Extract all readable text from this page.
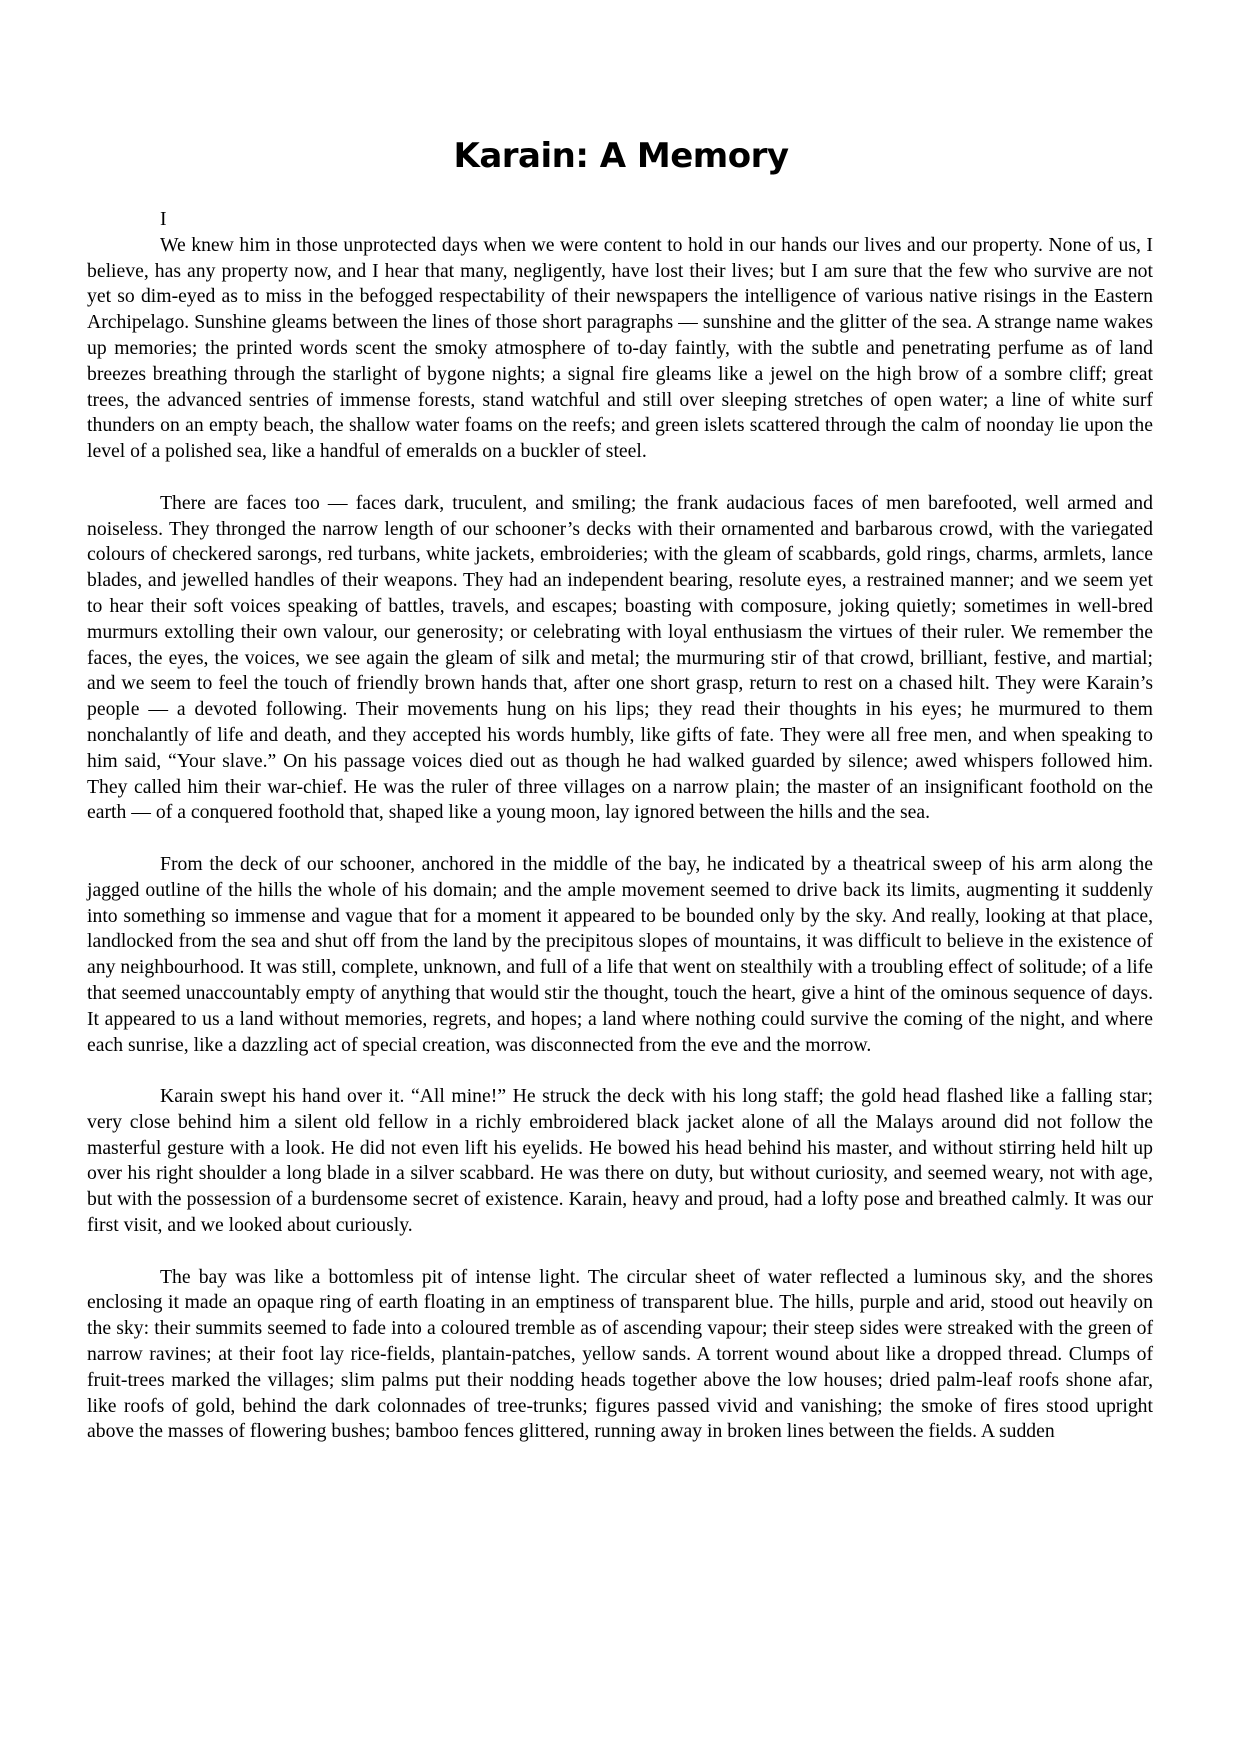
Karain: A Memory

I

We knew him in those unprotected days when we were content to hold in our hands our lives and our property. None of us, I believe, has any property now, and I hear that many, negligently, have lost their lives; but I am sure that the few who survive are not yet so dim-eyed as to miss in the befogged respectability of their newspapers the intelligence of various native risings in the Eastern Archipelago. Sunshine gleams between the lines of those short paragraphs — sunshine and the glitter of the sea. A strange name wakes up memories; the printed words scent the smoky atmosphere of to-day faintly, with the subtle and penetrating perfume as of land breezes breathing through the starlight of bygone nights; a signal fire gleams like a jewel on the high brow of a sombre cliff; great trees, the advanced sentries of immense forests, stand watchful and still over sleeping stretches of open water; a line of white surf thunders on an empty beach, the shallow water foams on the reefs; and green islets scattered through the calm of noonday lie upon the level of a polished sea, like a handful of emeralds on a buckler of steel.

There are faces too — faces dark, truculent, and smiling; the frank audacious faces of men barefooted, well armed and noiseless. They thronged the narrow length of our schooner’s decks with their ornamented and barbarous crowd, with the variegated colours of checkered sarongs, red turbans, white jackets, embroideries; with the gleam of scabbards, gold rings, charms, armlets, lance blades, and jewelled handles of their weapons. They had an independent bearing, resolute eyes, a restrained manner; and we seem yet to hear their soft voices speaking of battles, travels, and escapes; boasting with composure, joking quietly; sometimes in well-bred murmurs extolling their own valour, our generosity; or celebrating with loyal enthusiasm the virtues of their ruler. We remember the faces, the eyes, the voices, we see again the gleam of silk and metal; the murmuring stir of that crowd, brilliant, festive, and martial; and we seem to feel the touch of friendly brown hands that, after one short grasp, return to rest on a chased hilt. They were Karain’s people — a devoted following. Their movements hung on his lips; they read their thoughts in his eyes; he murmured to them nonchalantly of life and death, and they accepted his words humbly, like gifts of fate. They were all free men, and when speaking to him said, “Your slave.” On his passage voices died out as though he had walked guarded by silence; awed whispers followed him. They called him their war-chief. He was the ruler of three villages on a narrow plain; the master of an insignificant foothold on the earth — of a conquered foothold that, shaped like a young moon, lay ignored between the hills and the sea.

From the deck of our schooner, anchored in the middle of the bay, he indicated by a theatrical sweep of his arm along the jagged outline of the hills the whole of his domain; and the ample movement seemed to drive back its limits, augmenting it suddenly into something so immense and vague that for a moment it appeared to be bounded only by the sky. And really, looking at that place, landlocked from the sea and shut off from the land by the precipitous slopes of mountains, it was difficult to believe in the existence of any neighbourhood. It was still, complete, unknown, and full of a life that went on stealthily with a troubling effect of solitude; of a life that seemed unaccountably empty of anything that would stir the thought, touch the heart, give a hint of the ominous sequence of days. It appeared to us a land without memories, regrets, and hopes; a land where nothing could survive the coming of the night, and where each sunrise, like a dazzling act of special creation, was disconnected from the eve and the morrow.

Karain swept his hand over it. “All mine!” He struck the deck with his long staff; the gold head flashed like a falling star; very close behind him a silent old fellow in a richly embroidered black jacket alone of all the Malays around did not follow the masterful gesture with a look. He did not even lift his eyelids. He bowed his head behind his master, and without stirring held hilt up over his right shoulder a long blade in a silver scabbard. He was there on duty, but without curiosity, and seemed weary, not with age, but with the possession of a burdensome secret of existence. Karain, heavy and proud, had a lofty pose and breathed calmly. It was our first visit, and we looked about curiously.

The bay was like a bottomless pit of intense light. The circular sheet of water reflected a luminous sky, and the shores enclosing it made an opaque ring of earth floating in an emptiness of transparent blue. The hills, purple and arid, stood out heavily on the sky: their summits seemed to fade into a coloured tremble as of ascending vapour; their steep sides were streaked with the green of narrow ravines; at their foot lay rice-fields, plantain-patches, yellow sands. A torrent wound about like a dropped thread. Clumps of fruit-trees marked the villages; slim palms put their nodding heads together above the low houses; dried palm-leaf roofs shone afar, like roofs of gold, behind the dark colonnades of tree-trunks; figures passed vivid and vanishing; the smoke of fires stood upright above the masses of flowering bushes; bamboo fences glittered, running away in broken lines between the fields. A sudden
